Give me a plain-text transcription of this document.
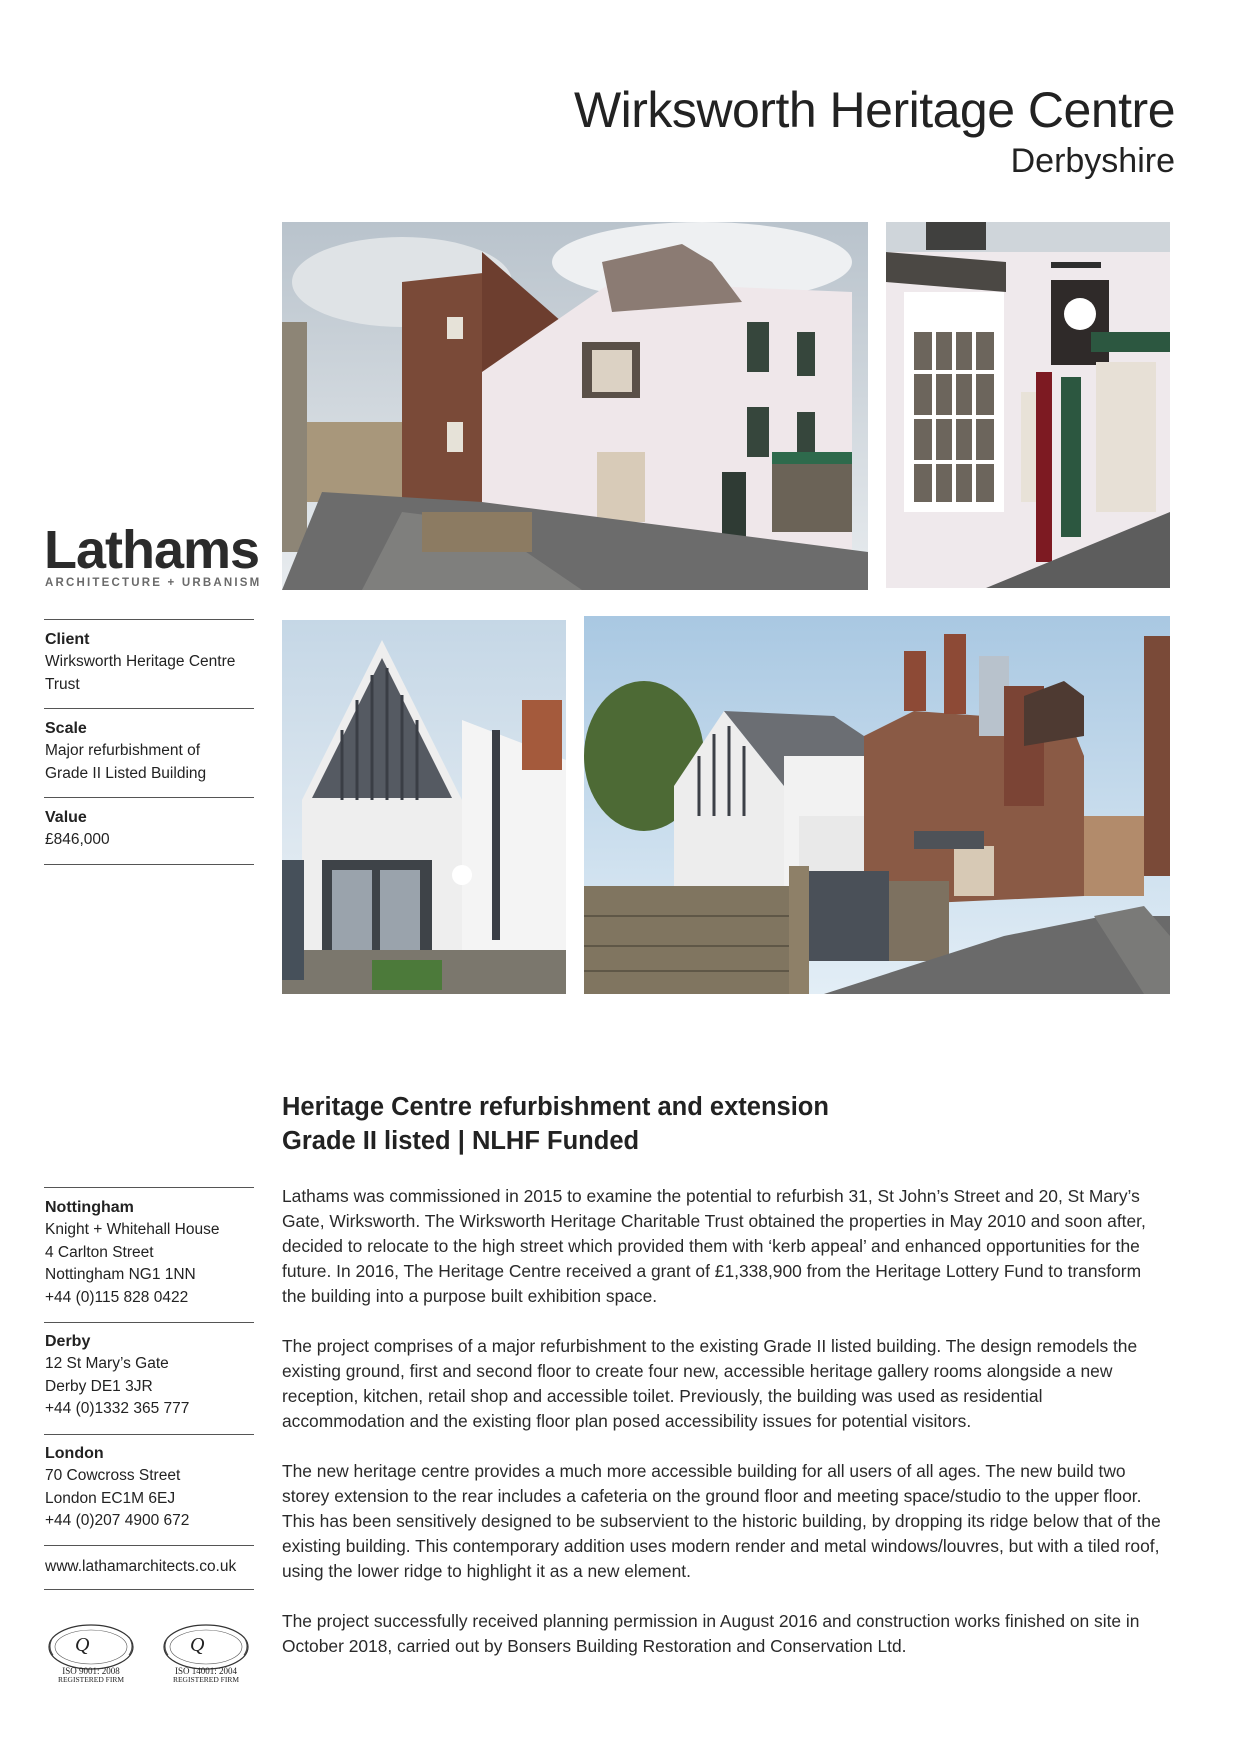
Wirksworth Heritage Centre
Derbyshire
Lathams
ARCHITECTURE + URBANISM
Client
Wirksworth Heritage Centre
Trust
Scale
Major refurbishment of
Grade II Listed Building
Value
£846,000
Heritage Centre refurbishment and extension
Grade II listed | NLHF Funded
Nottingham
Knight + Whitehall House
4 Carlton Street
Nottingham NG1 1NN
+44 (0)115 828 0422
Derby
12 St Mary’s Gate
Derby DE1 3JR
+44 (0)1332 365 777
London
70 Cowcross Street
London EC1M 6EJ
+44 (0)207 4900 672
www.lathamarchitects.co.uk
Q
ISO 9001: 2008
REGISTERED FIRM
Q
ISO 14001: 2004
REGISTERED FIRM

Lathams was commissioned in 2015 to examine the potential to refurbish 31, St John’s Street and 20, St Mary’s Gate, Wirksworth. The Wirksworth Heritage Charitable Trust obtained the properties in May 2010 and soon after, decided to relocate to the high street which provided them with ‘kerb appeal’ and enhanced opportunities for the future. In 2016, The Heritage Centre received a grant of £1,338,900 from the Heritage Lottery Fund to transform the building into a purpose built exhibition space.

The project comprises of a major refurbishment to the existing Grade II listed building. The design remodels the existing ground, first and second floor to create four new, accessible heritage gallery rooms alongside a new reception, kitchen, retail shop and accessible toilet. Previously, the building was used as residential accommodation and the existing floor plan posed accessibility issues for potential visitors.

The new heritage centre provides a much more accessible building for all users of all ages. The new build two storey extension to the rear includes a cafeteria on the ground floor and meeting space/studio to the upper floor. This has been sensitively designed to be subservient to the historic building, by dropping its ridge below that of the existing building. This contemporary addition uses modern render and metal windows/louvres, but with a tiled roof, using the lower ridge to highlight it as a new element.

The project successfully received planning permission in August 2016 and construction works finished on site in October 2018, carried out by Bonsers Building Restoration and Conservation Ltd.
